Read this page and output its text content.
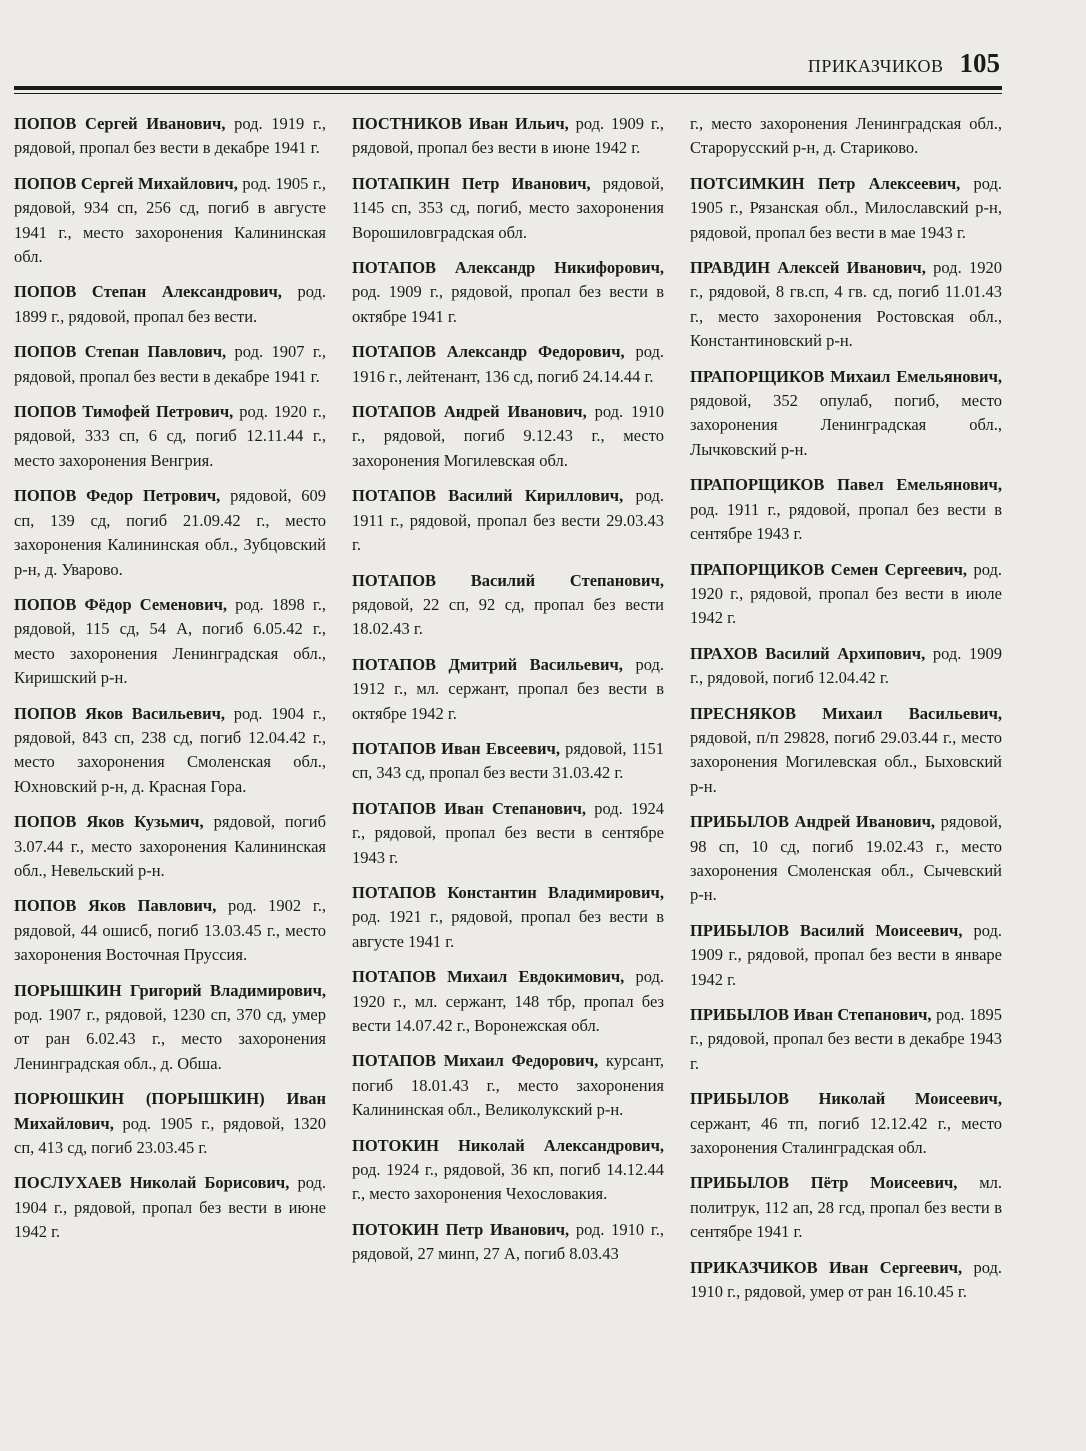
ПРИКАЗЧИКОВ 105

ПОПОВ Сергей Иванович, род. 1919 г., рядовой, пропал без вести в декабре 1941 г.

ПОПОВ Сергей Михайлович, род. 1905 г., рядовой, 934 сп, 256 сд, погиб в августе 1941 г., место захоронения Калининская обл.

ПОПОВ Степан Александрович, род. 1899 г., рядовой, пропал без вести.

ПОПОВ Степан Павлович, род. 1907 г., рядовой, пропал без вести в декабре 1941 г.

ПОПОВ Тимофей Петрович, род. 1920 г., рядовой, 333 сп, 6 сд, погиб 12.11.44 г., место захоронения Венгрия.

ПОПОВ Федор Петрович, рядовой, 609 сп, 139 сд, погиб 21.09.42 г., место захоронения Калининская обл., Зубцовский р-н, д. Уварово.

ПОПОВ Фёдор Семенович, род. 1898 г., рядовой, 115 сд, 54 А, погиб 6.05.42 г., место захоронения Ленинградская обл., Киришский р-н.

ПОПОВ Яков Васильевич, род. 1904 г., рядовой, 843 сп, 238 сд, погиб 12.04.42 г., место захоронения Смоленская обл., Юхновский р-н, д. Красная Гора.

ПОПОВ Яков Кузьмич, рядовой, погиб 3.07.44 г., место захоронения Калининская обл., Невельский р-н.

ПОПОВ Яков Павлович, род. 1902 г., рядовой, 44 ошисб, погиб 13.03.45 г., место захоронения Восточная Пруссия.

ПОРЫШКИН Григорий Владимирович, род. 1907 г., рядовой, 1230 сп, 370 сд, умер от ран 6.02.43 г., место захоронения Ленинградская обл., д. Обша.

ПОРЮШКИН (ПОРЫШКИН) Иван Михайлович, род. 1905 г., рядовой, 1320 сп, 413 сд, погиб 23.03.45 г.

ПОСЛУХАЕВ Николай Борисович, род. 1904 г., рядовой, пропал без вести в июне 1942 г.

ПОСТНИКОВ Иван Ильич, род. 1909 г., рядовой, пропал без вести в июне 1942 г.

ПОТАПКИН Петр Иванович, рядовой, 1145 сп, 353 сд, погиб, место захоронения Ворошиловградская обл.

ПОТАПОВ Александр Никифорович, род. 1909 г., рядовой, пропал без вести в октябре 1941 г.

ПОТАПОВ Александр Федорович, род. 1916 г., лейтенант, 136 сд, погиб 24.14.44 г.

ПОТАПОВ Андрей Иванович, род. 1910 г., рядовой, погиб 9.12.43 г., место захоронения Могилевская обл.

ПОТАПОВ Василий Кириллович, род. 1911 г., рядовой, пропал без вести 29.03.43 г.

ПОТАПОВ Василий Степанович, рядовой, 22 сп, 92 сд, пропал без вести 18.02.43 г.

ПОТАПОВ Дмитрий Васильевич, род. 1912 г., мл. сержант, пропал без вести в октябре 1942 г.

ПОТАПОВ Иван Евсеевич, рядовой, 1151 сп, 343 сд, пропал без вести 31.03.42 г.

ПОТАПОВ Иван Степанович, род. 1924 г., рядовой, пропал без вести в сентябре 1943 г.

ПОТАПОВ Константин Владимирович, род. 1921 г., рядовой, пропал без вести в августе 1941 г.

ПОТАПОВ Михаил Евдокимович, род. 1920 г., мл. сержант, 148 тбр, пропал без вести 14.07.42 г., Воронежская обл.

ПОТАПОВ Михаил Федорович, курсант, погиб 18.01.43 г., место захоронения Калининская обл., Великолукский р-н.

ПОТОКИН Николай Александрович, род. 1924 г., рядовой, 36 кп, погиб 14.12.44 г., место захоронения Чехословакия.

ПОТОКИН Петр Иванович, род. 1910 г., рядовой, 27 минп, 27 А, погиб 8.03.43

г., место захоронения Ленинградская обл., Старорусский р-н, д. Стариково.

ПОТСИМКИН Петр Алексеевич, род. 1905 г., Рязанская обл., Милославский р-н, рядовой, пропал без вести в мае 1943 г.

ПРАВДИН Алексей Иванович, род. 1920 г., рядовой, 8 гв.сп, 4 гв. сд, погиб 11.01.43 г., место захоронения Ростовская обл., Константиновский р-н.

ПРАПОРЩИКОВ Михаил Емельянович, рядовой, 352 опулаб, погиб, место захоронения Ленинградская обл., Лычковский р-н.

ПРАПОРЩИКОВ Павел Емельянович, род. 1911 г., рядовой, пропал без вести в сентябре 1943 г.

ПРАПОРЩИКОВ Семен Сергеевич, род. 1920 г., рядовой, пропал без вести в июле 1942 г.

ПРАХОВ Василий Архипович, род. 1909 г., рядовой, погиб 12.04.42 г.

ПРЕСНЯКОВ Михаил Васильевич, рядовой, п/п 29828, погиб 29.03.44 г., место захоронения Могилевская обл., Быховский р-н.

ПРИБЫЛОВ Андрей Иванович, рядовой, 98 сп, 10 сд, погиб 19.02.43 г., место захоронения Смоленская обл., Сычевский р-н.

ПРИБЫЛОВ Василий Моисеевич, род. 1909 г., рядовой, пропал без вести в январе 1942 г.

ПРИБЫЛОВ Иван Степанович, род. 1895 г., рядовой, пропал без вести в декабре 1943 г.

ПРИБЫЛОВ Николай Моисеевич, сержант, 46 тп, погиб 12.12.42 г., место захоронения Сталинградская обл.

ПРИБЫЛОВ Пётр Моисеевич, мл. политрук, 112 ап, 28 гсд, пропал без вести в сентябре 1941 г.

ПРИКАЗЧИКОВ Иван Сергеевич, род. 1910 г., рядовой, умер от ран 16.10.45 г.
